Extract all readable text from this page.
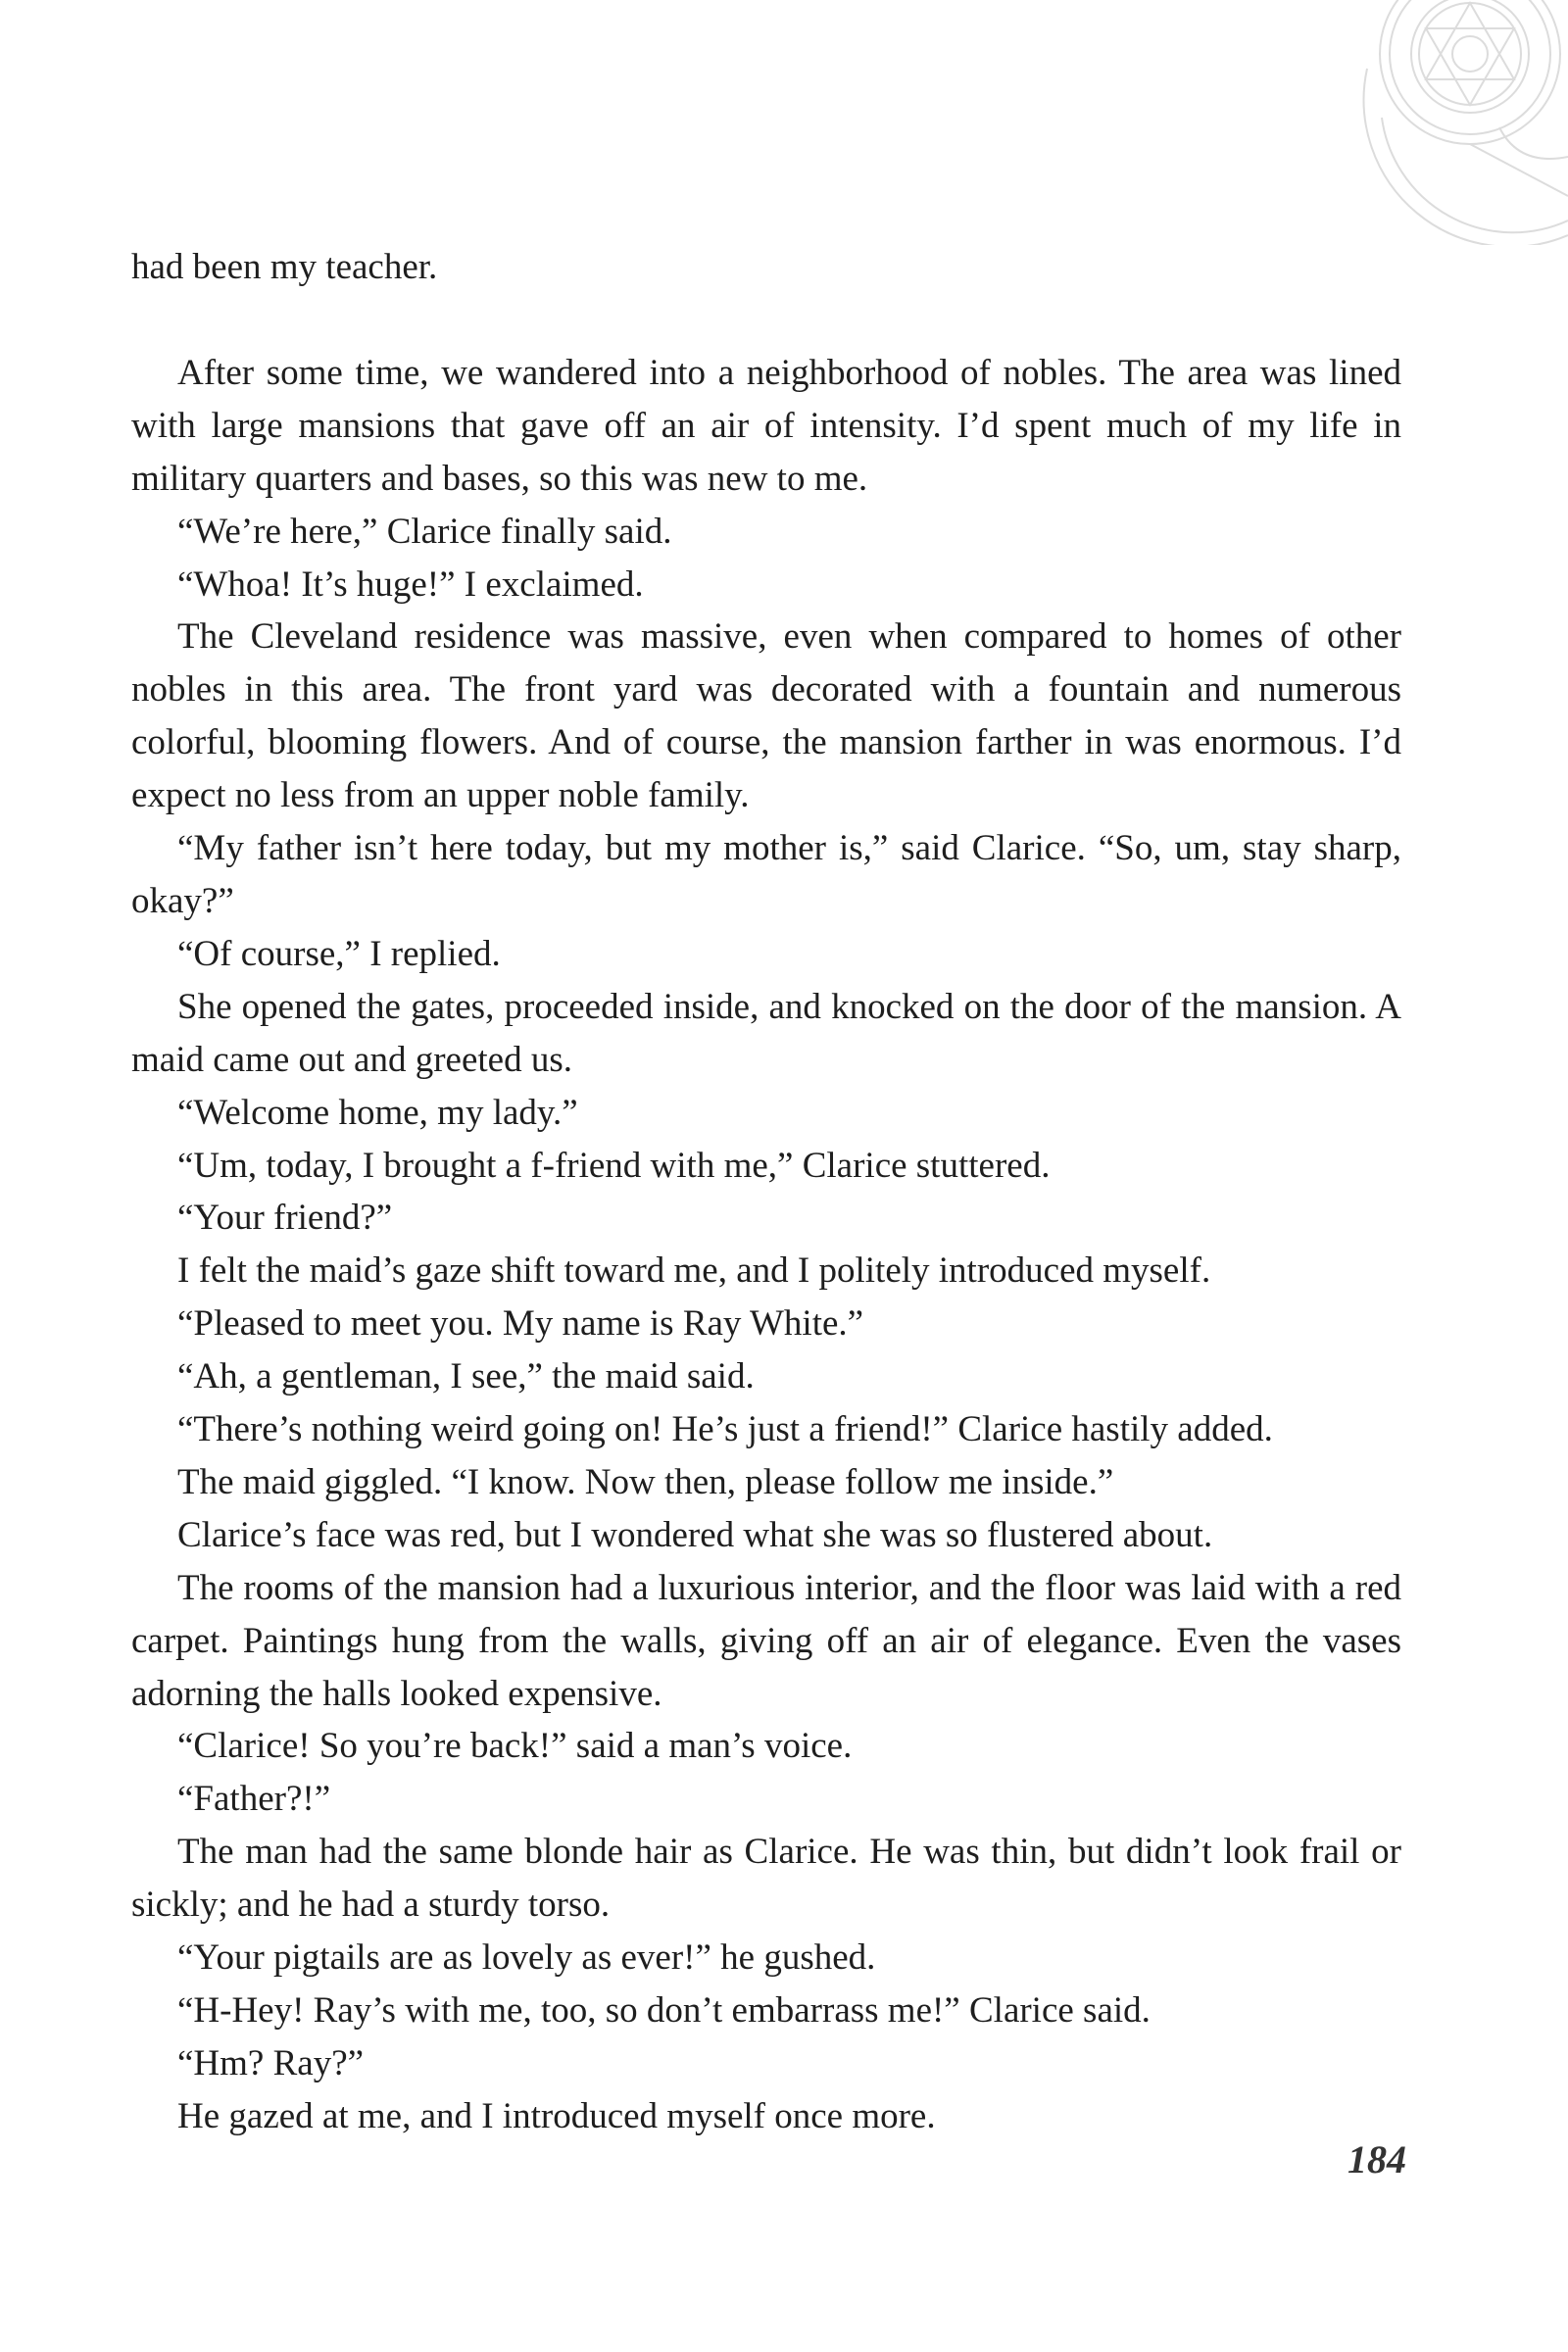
had been my teacher.

After some time, we wandered into a neighborhood of nobles. The area was lined with large mansions that gave off an air of intensity. I’d spent much of my life in military quarters and bases, so this was new to me.

“We’re here,” Clarice finally said.

“Whoa! It’s huge!” I exclaimed.

The Cleveland residence was massive, even when compared to homes of other nobles in this area. The front yard was decorated with a fountain and numerous colorful, blooming flowers. And of course, the mansion farther in was enormous. I’d expect no less from an upper noble family.

“My father isn’t here today, but my mother is,” said Clarice. “So, um, stay sharp, okay?”

“Of course,” I replied.

She opened the gates, proceeded inside, and knocked on the door of the mansion. A maid came out and greeted us.

“Welcome home, my lady.”

“Um, today, I brought a f-friend with me,” Clarice stuttered.

“Your friend?”

I felt the maid’s gaze shift toward me, and I politely introduced myself.

“Pleased to meet you. My name is Ray White.”

“Ah, a gentleman, I see,” the maid said.

“There’s nothing weird going on! He’s just a friend!” Clarice hastily added.

The maid giggled. “I know. Now then, please follow me inside.”

Clarice’s face was red, but I wondered what she was so flustered about.

The rooms of the mansion had a luxurious interior, and the floor was laid with a red carpet. Paintings hung from the walls, giving off an air of elegance. Even the vases adorning the halls looked expensive.

“Clarice! So you’re back!” said a man’s voice.

“Father?!”

The man had the same blonde hair as Clarice. He was thin, but didn’t look frail or sickly; and he had a sturdy torso.

“Your pigtails are as lovely as ever!” he gushed.

“H-Hey! Ray’s with me, too, so don’t embarrass me!” Clarice said.

“Hm? Ray?”

He gazed at me, and I introduced myself once more.

184
